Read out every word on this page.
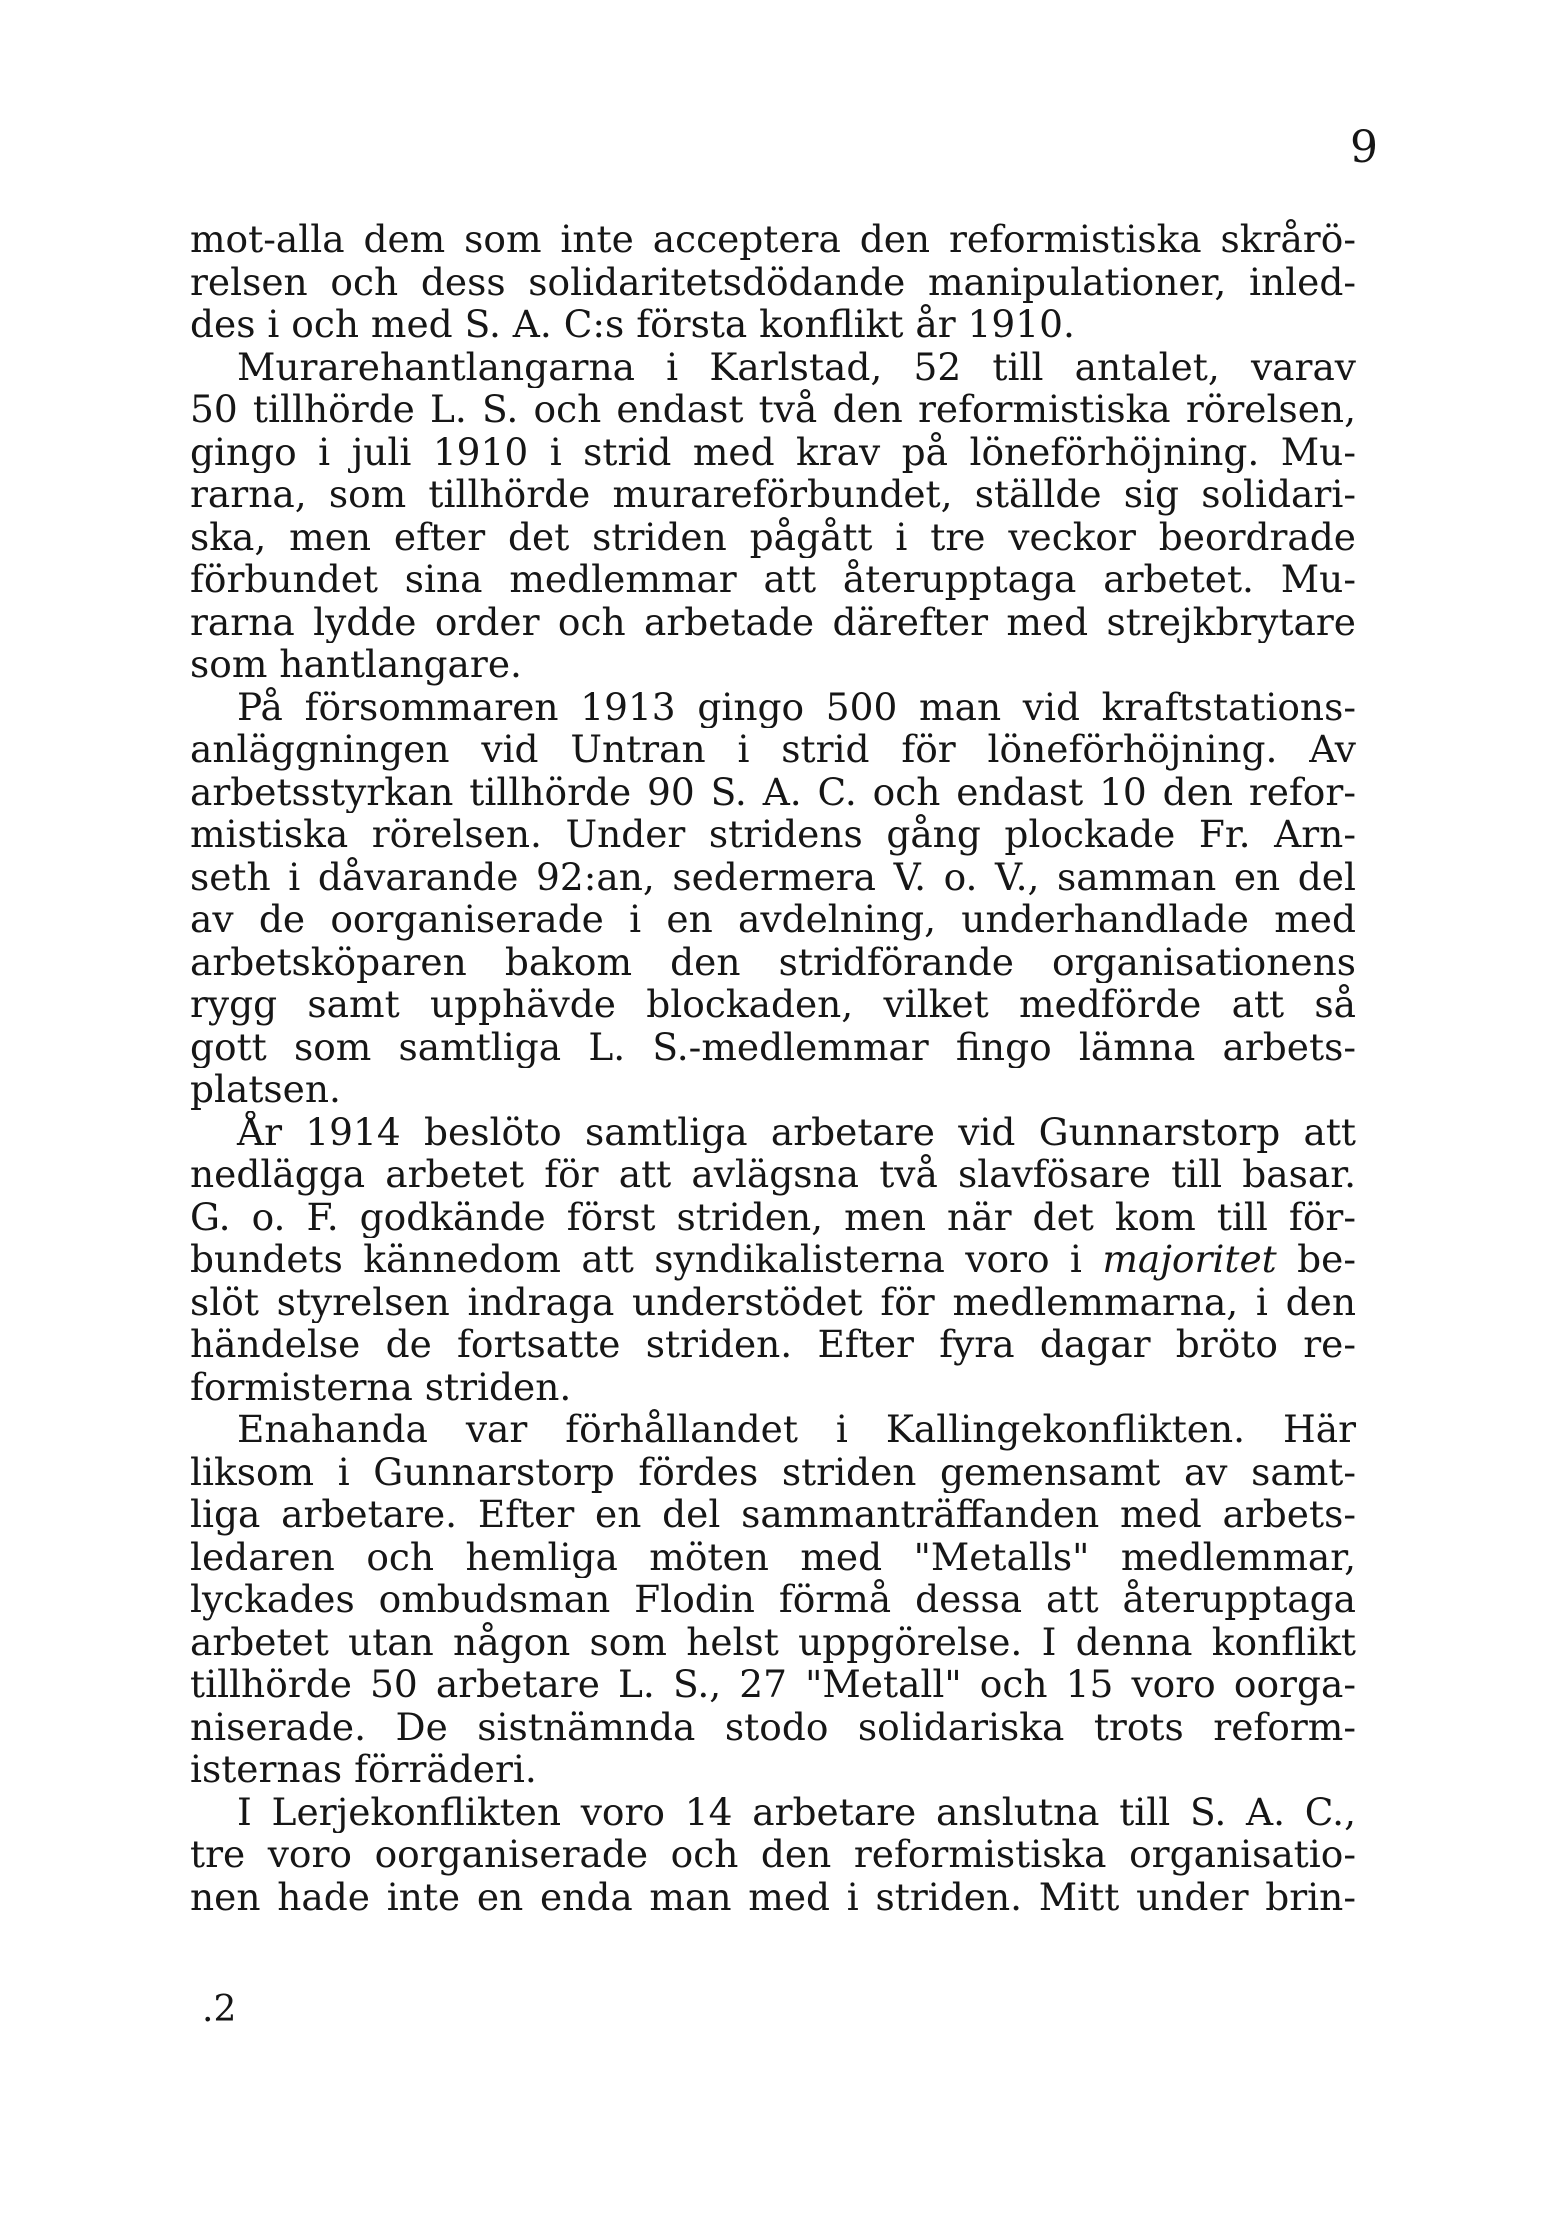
9
mot-alla dem som inte acceptera den reformistiska skrårö-
relsen och dess solidaritetsdödande manipulationer, inled-
des i och med S. A. C:s första konflikt år 1910.
Murarehantlangarna i Karlstad, 52 till antalet, varav
50 tillhörde L. S. och endast två den reformistiska rörelsen,
gingo i juli 1910 i strid med krav på löneförhöjning. Mu-
rarna, som tillhörde murareförbundet, ställde sig solidari-
ska, men efter det striden pågått i tre veckor beordrade
förbundet sina medlemmar att återupptaga arbetet. Mu-
rarna lydde order och arbetade därefter med strejkbrytare
som hantlangare.
På försommaren 1913 gingo 500 man vid kraftstations-
anläggningen vid Untran i strid för löneförhöjning. Av
arbetsstyrkan tillhörde 90 S. A. C. och endast 10 den refor-
mistiska rörelsen. Under stridens gång plockade Fr. Arn-
seth i dåvarande 92:an, sedermera V. o. V., samman en del
av de oorganiserade i en avdelning, underhandlade med
arbetsköparen bakom den stridförande organisationens
rygg samt upphävde blockaden, vilket medförde att så
gott som samtliga L. S.-medlemmar fingo lämna arbets-
platsen.
År 1914 beslöto samtliga arbetare vid Gunnarstorp att
nedlägga arbetet för att avlägsna två slavfösare till basar.
G. o. F. godkände först striden, men när det kom till för-
bundets kännedom att syndikalisterna voro i majoritet be-
slöt styrelsen indraga understödet för medlemmarna, i den
händelse de fortsatte striden. Efter fyra dagar bröto re-
formisterna striden.
Enahanda var förhållandet i Kallingekonflikten. Här
liksom i Gunnarstorp fördes striden gemensamt av samt-
liga arbetare. Efter en del sammanträffanden med arbets-
ledaren och hemliga möten med "Metalls" medlemmar,
lyckades ombudsman Flodin förmå dessa att återupptaga
arbetet utan någon som helst uppgörelse. I denna konflikt
tillhörde 50 arbetare L. S., 27 "Metall" och 15 voro oorga-
niserade. De sistnämnda stodo solidariska trots reform-
isternas förräderi.
I Lerjekonflikten voro 14 arbetare anslutna till S. A. C.,
tre voro oorganiserade och den reformistiska organisatio-
nen hade inte en enda man med i striden. Mitt under brin-
.2
